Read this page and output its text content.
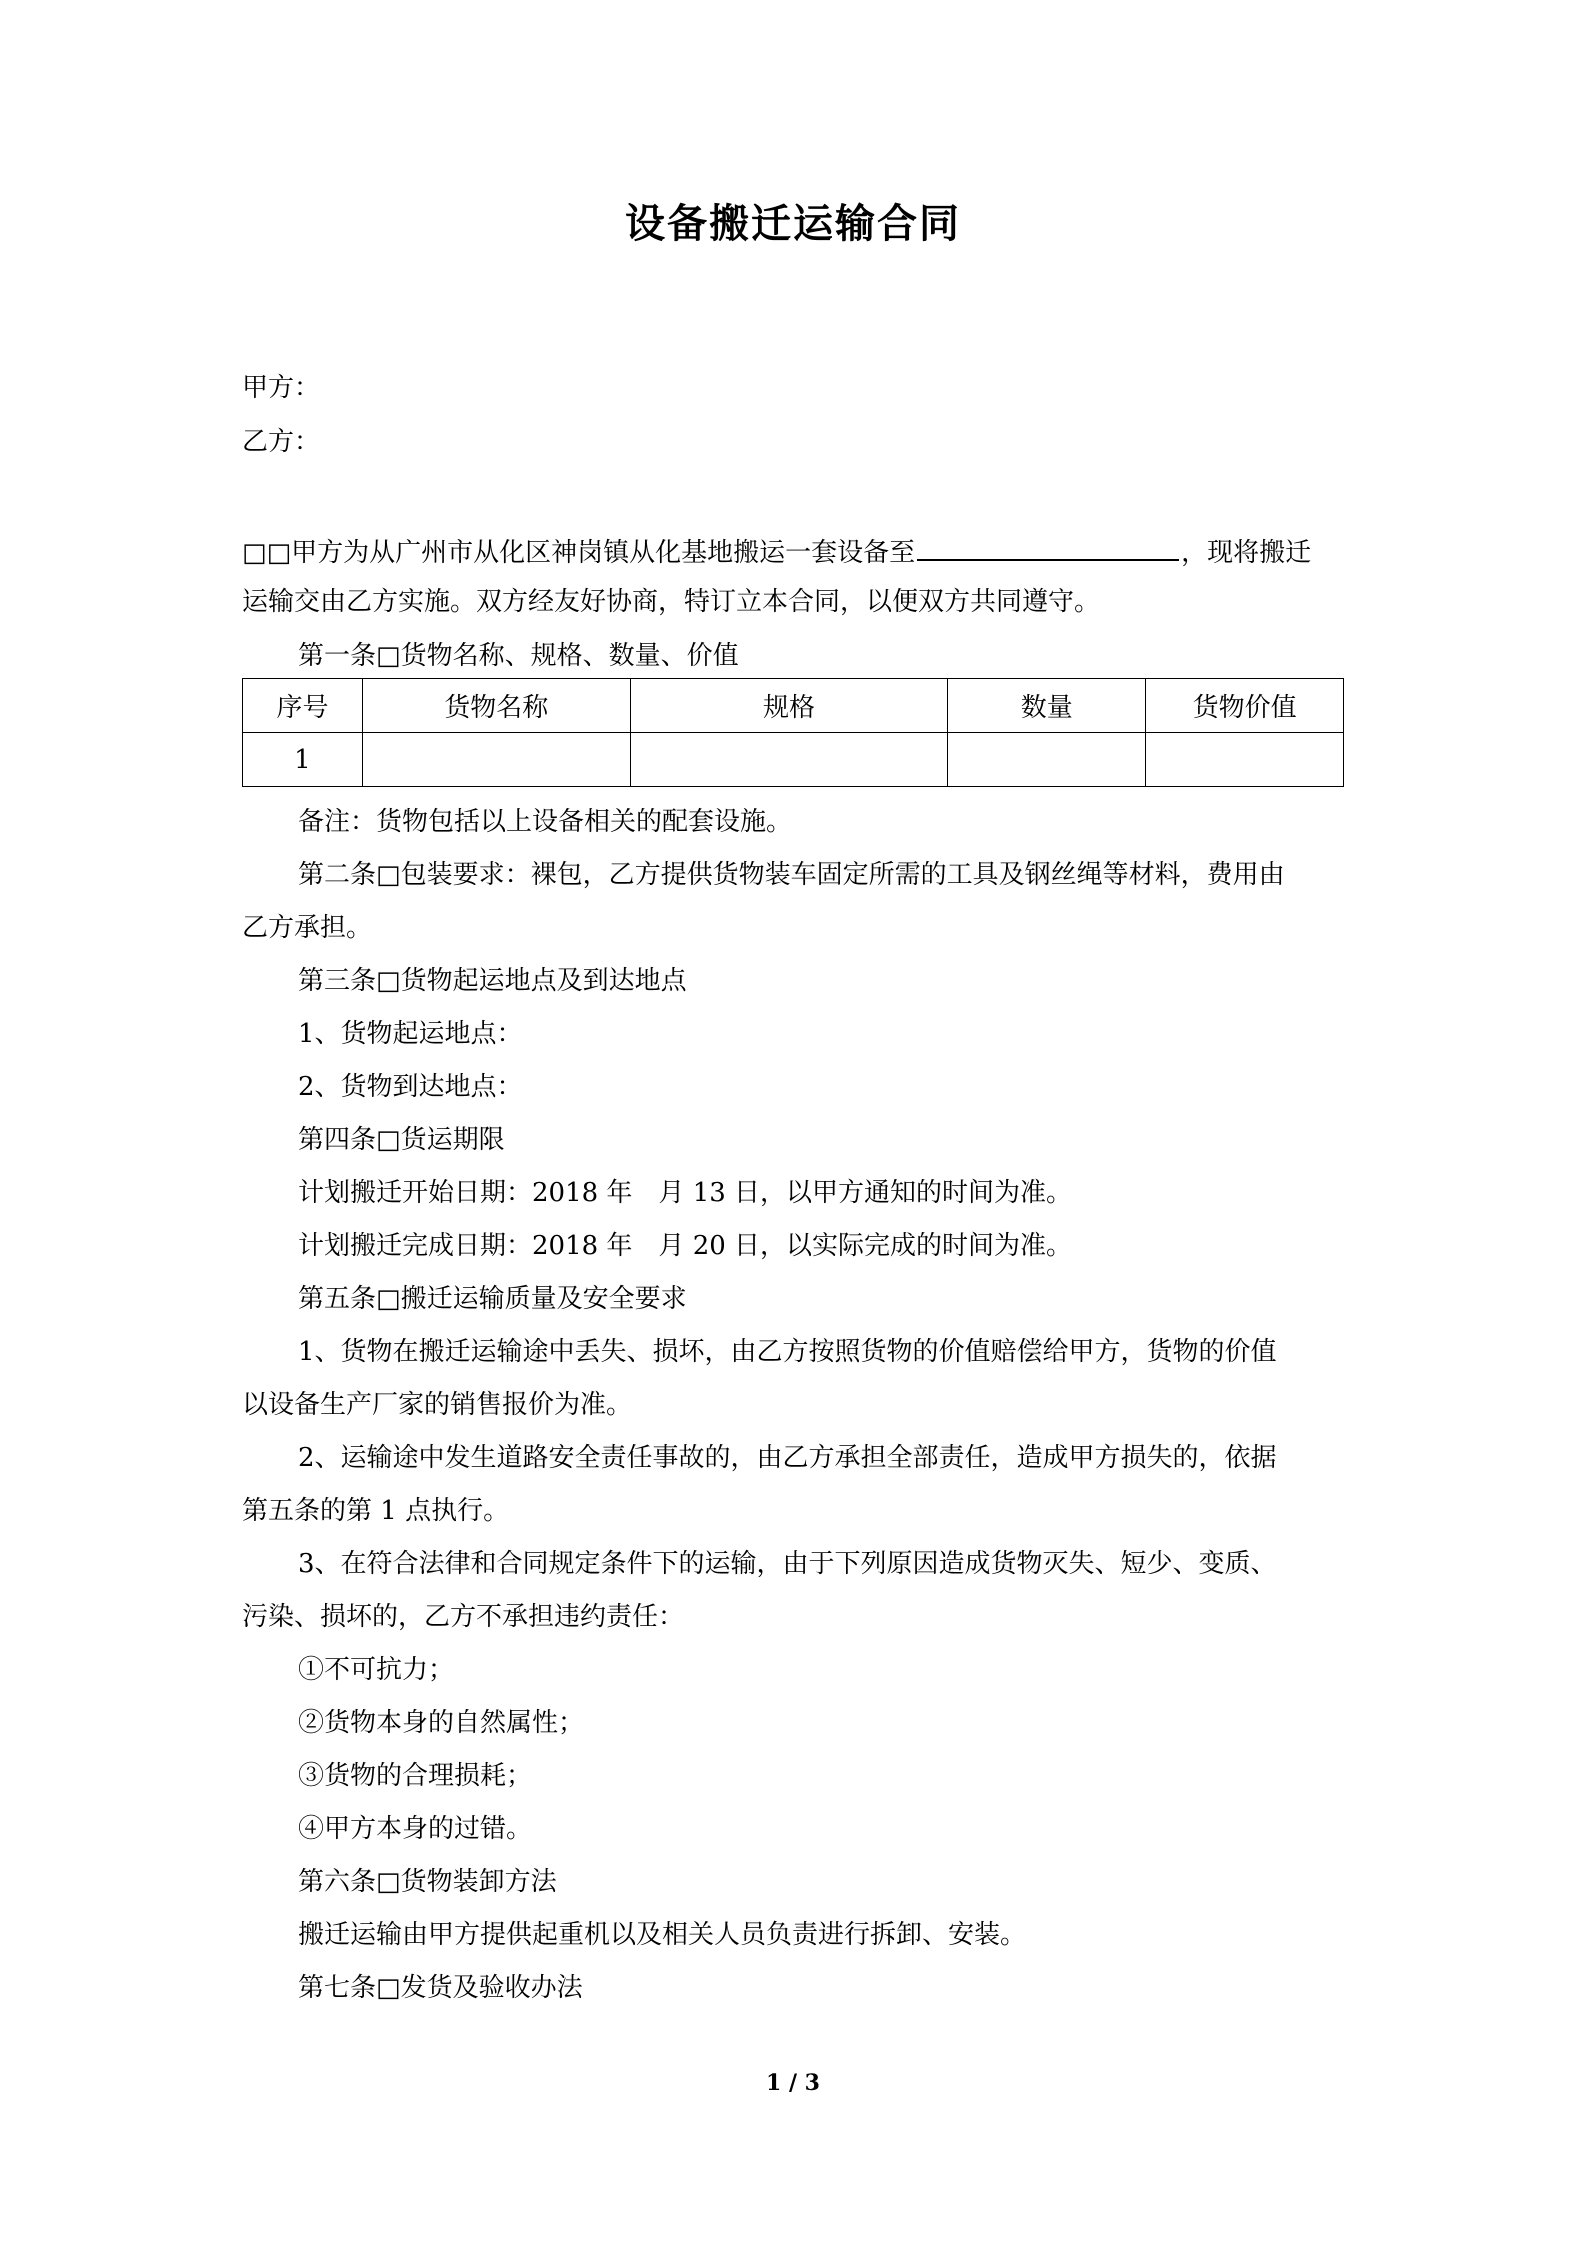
设备搬迁运输合同
甲方：
乙方：
□□甲方为从广州市从化区神岗镇从化基地搬运一套设备至	，现将搬迁
运输交由乙方实施。双方经友好协商，特订立本合同，以便双方共同遵守。
第一条□货物名称、规格、数量、价值
序号	货物名称	规格	数量	货物价值
1				
备注：货物包括以上设备相关的配套设施。
第二条□包装要求：裸包，乙方提供货物装车固定所需的工具及钢丝绳等材料，费用由
乙方承担。
第三条□货物起运地点及到达地点
1、货物起运地点：
2、货物到达地点：
第四条□货运期限
计划搬迁开始日期：2018 年　月 13 日，以甲方通知的时间为准。
计划搬迁完成日期：2018 年　月 20 日，以实际完成的时间为准。
第五条□搬迁运输质量及安全要求
1、货物在搬迁运输途中丢失、损坏，由乙方按照货物的价值赔偿给甲方，货物的价值
以设备生产厂家的销售报价为准。
2、运输途中发生道路安全责任事故的，由乙方承担全部责任，造成甲方损失的，依据
第五条的第 1 点执行。
3、在符合法律和合同规定条件下的运输，由于下列原因造成货物灭失、短少、变质、
污染、损坏的，乙方不承担违约责任：
①不可抗力；
②货物本身的自然属性；
③货物的合理损耗；
④甲方本身的过错。
第六条□货物装卸方法
搬迁运输由甲方提供起重机以及相关人员负责进行拆卸、安装。
第七条□发货及验收办法
1 / 3
